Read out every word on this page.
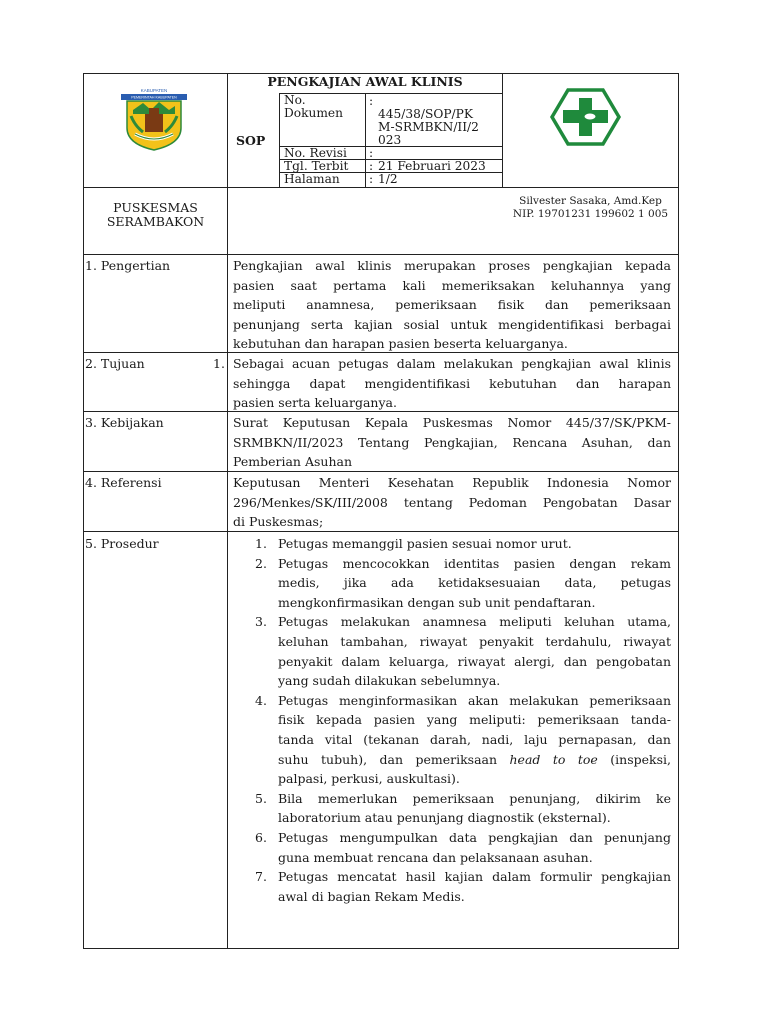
KABUPATEN
PEMERINTAH KABUPATEN
PENGKAJIAN AWAL KLINIS
SOP
No. Dokumen
:
445/38/SOP/PK
M-SRMBKN/II/2
023
No. Revisi :
Tgl. Terbit : 21 Februari 2023
Halaman : 1/2
PUSKESMAS
SERAMBAKON
Silvester Sasaka, Amd.Kep
NIP. 19701231 199602 1 005
1. Pengertian	Pengkajian awal klinis merupakan proses pengkajian kepada
pasien saat pertama kali memeriksakan keluhannya yang
meliputi anamnesa, pemeriksaan fisik dan pemeriksaan
penunjang serta kajian sosial untuk mengidentifikasi berbagai
kebutuhan dan harapan pasien beserta keluarganya.
2. Tujuan	1. Sebagai acuan petugas dalam melakukan pengkajian awal klinis
sehingga dapat mengidentifikasi kebutuhan dan harapan
pasien serta keluarganya.
3. Kebijakan	Surat Keputusan Kepala Puskesmas Nomor 445/37/SK/PKM-
SRMBKN/II/2023 Tentang Pengkajian, Rencana Asuhan, dan
Pemberian Asuhan
4. Referensi	Keputusan Menteri Kesehatan Republik Indonesia Nomor
296/Menkes/SK/III/2008 tentang Pedoman Pengobatan Dasar
di Puskesmas;
5. Prosedur	1. Petugas memanggil pasien sesuai nomor urut.
2. Petugas mencocokkan identitas pasien dengan rekam
medis, jika ada ketidaksesuaian data, petugas
mengkonfirmasikan dengan sub unit pendaftaran.
3. Petugas melakukan anamnesa meliputi keluhan utama,
keluhan tambahan, riwayat penyakit terdahulu, riwayat
penyakit dalam keluarga, riwayat alergi, dan pengobatan
yang sudah dilakukan sebelumnya.
4. Petugas menginformasikan akan melakukan pemeriksaan
fisik kepada pasien yang meliputi: pemeriksaan tanda-
tanda vital (tekanan darah, nadi, laju pernapasan, dan
suhu tubuh), dan pemeriksaan head to toe (inspeksi,
palpasi, perkusi, auskultasi).
5. Bila memerlukan pemeriksaan penunjang, dikirim ke
laboratorium atau penunjang diagnostik (eksternal).
6. Petugas mengumpulkan data pengkajian dan penunjang
guna membuat rencana dan pelaksanaan asuhan.
7. Petugas mencatat hasil kajian dalam formulir pengkajian
awal di bagian Rekam Medis.
